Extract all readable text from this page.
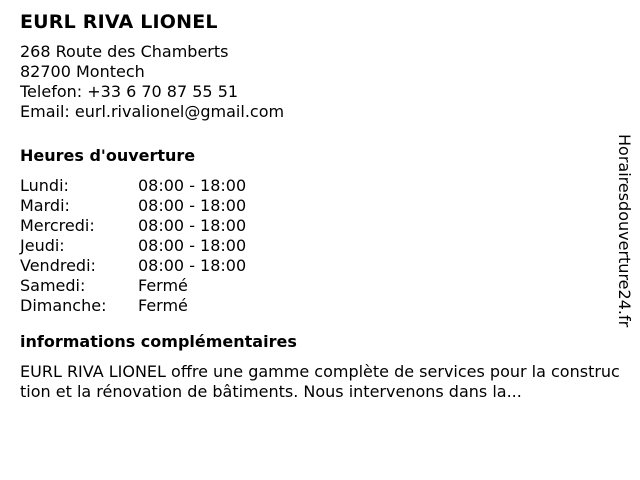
EURL RIVA LIONEL
268 Route des Chamberts
82700 Montech
Telefon: +33 6 70 87 55 51
Email: eurl.rivalionel@gmail.com
Heures d'ouverture
Lundi:	08:00 - 18:00
Mardi:	08:00 - 18:00
Mercredi:	08:00 - 18:00
Jeudi:	08:00 - 18:00
Vendredi:	08:00 - 18:00
Samedi:	Fermé
Dimanche:	Fermé
informations complémentaires
EURL RIVA LIONEL offre une gamme complète de services pour la construction et la rénovation de bâtiments. Nous intervenons dans la...
Horairesdouverture24.fr
